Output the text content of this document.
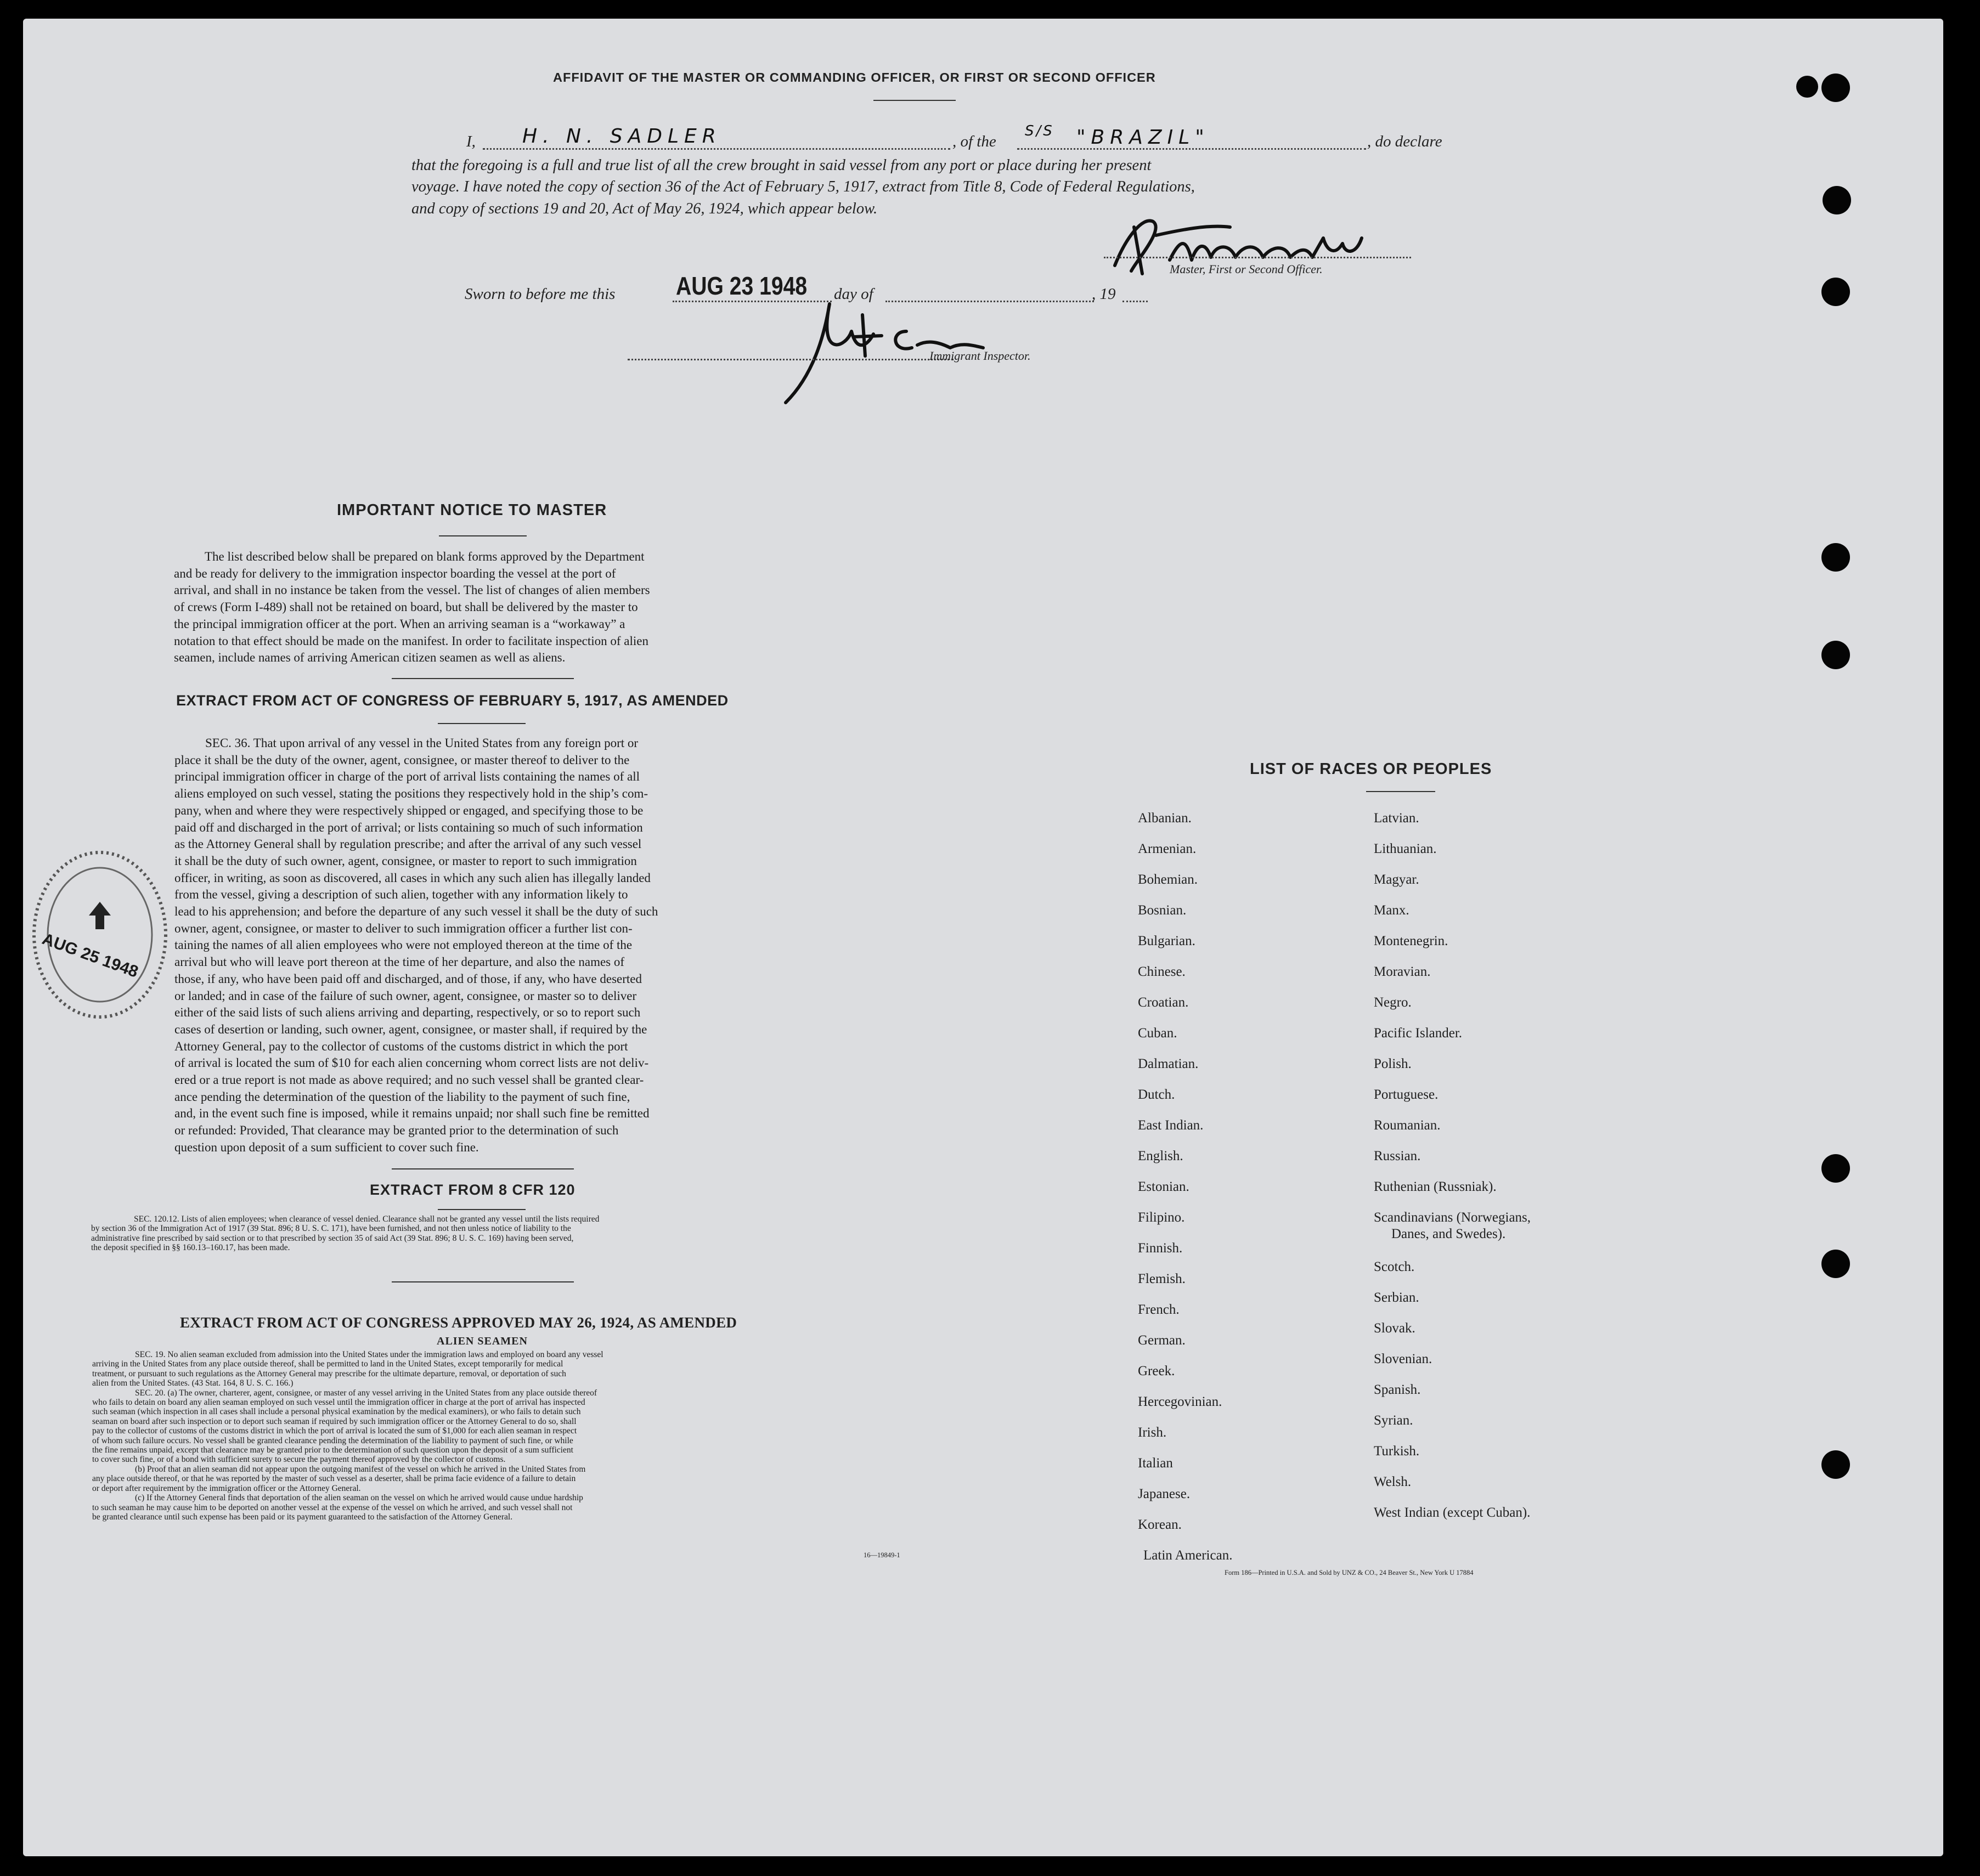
AFFIDAVIT OF THE MASTER OR COMMANDING OFFICER, OR FIRST OR SECOND OFFICER
I, H. N. SADLER	, of the
S/S "BRAZIL"	, do declare
that the foregoing is a full and true list of all the crew brought in said vessel from any port or place during her present
voyage. I have noted the copy of section 36 of the Act of February 5, 1917, extract from Title 8, Code of Federal Regulations,
and copy of sections 19 and 20, Act of May 26, 1924, which appear below.
Master, First or Second Officer.
Sworn to before me this AUG 23 1948 day of	, 19
Immigrant Inspector.
IMPORTANT NOTICE TO MASTER
The list described below shall be prepared on blank forms approved by the Department
and be ready for delivery to the immigration inspector boarding the vessel at the port of
arrival, and shall in no instance be taken from the vessel. The list of changes of alien members
of crews (Form I-489) shall not be retained on board, but shall be delivered by the master to
the principal immigration officer at the port. When an arriving seaman is a “workaway” a
notation to that effect should be made on the manifest. In order to facilitate inspection of alien
seamen, include names of arriving American citizen seamen as well as aliens.
EXTRACT FROM ACT OF CONGRESS OF FEBRUARY 5, 1917, AS AMENDED
SEC. 36. That upon arrival of any vessel in the United States from any foreign port or
place it shall be the duty of the owner, agent, consignee, or master thereof to deliver to the
principal immigration officer in charge of the port of arrival lists containing the names of all
aliens employed on such vessel, stating the positions they respectively hold in the ship’s com-
pany, when and where they were respectively shipped or engaged, and specifying those to be
paid off and discharged in the port of arrival; or lists containing so much of such information
as the Attorney General shall by regulation prescribe; and after the arrival of any such vessel
it shall be the duty of such owner, agent, consignee, or master to report to such immigration
officer, in writing, as soon as discovered, all cases in which any such alien has illegally landed
from the vessel, giving a description of such alien, together with any information likely to
lead to his apprehension; and before the departure of any such vessel it shall be the duty of such
owner, agent, consignee, or master to deliver to such immigration officer a further list con-
taining the names of all alien employees who were not employed thereon at the time of the
arrival but who will leave port thereon at the time of her departure, and also the names of
those, if any, who have been paid off and discharged, and of those, if any, who have deserted
or landed; and in case of the failure of such owner, agent, consignee, or master so to deliver
either of the said lists of such aliens arriving and departing, respectively, or so to report such
cases of desertion or landing, such owner, agent, consignee, or master shall, if required by the
Attorney General, pay to the collector of customs of the customs district in which the port
of arrival is located the sum of $10 for each alien concerning whom correct lists are not deliv-
ered or a true report is not made as above required; and no such vessel shall be granted clear-
ance pending the determination of the question of the liability to the payment of such fine,
and, in the event such fine is imposed, while it remains unpaid; nor shall such fine be remitted
or refunded: Provided, That clearance may be granted prior to the determination of such
question upon deposit of a sum sufficient to cover such fine.
EXTRACT FROM 8 CFR 120
SEC. 120.12. Lists of alien employees; when clearance of vessel denied. Clearance shall not be granted any vessel until the lists required
by section 36 of the Immigration Act of 1917 (39 Stat. 896; 8 U. S. C. 171), have been furnished, and not then unless notice of liability to the
administrative fine prescribed by said section or to that prescribed by section 35 of said Act (39 Stat. 896; 8 U. S. C. 169) having been served,
the deposit specified in §§ 160.13–160.17, has been made.
EXTRACT FROM ACT OF CONGRESS APPROVED MAY 26, 1924, AS AMENDED
ALIEN SEAMEN
SEC. 19. No alien seaman excluded from admission into the United States under the immigration laws and employed on board any vessel
arriving in the United States from any place outside thereof, shall be permitted to land in the United States, except temporarily for medical
treatment, or pursuant to such regulations as the Attorney General may prescribe for the ultimate departure, removal, or deportation of such
alien from the United States. (43 Stat. 164, 8 U. S. C. 166.)
SEC. 20. (a) The owner, charterer, agent, consignee, or master of any vessel arriving in the United States from any place outside thereof
who fails to detain on board any alien seaman employed on such vessel until the immigration officer in charge at the port of arrival has inspected
such seaman (which inspection in all cases shall include a personal physical examination by the medical examiners), or who fails to detain such
seaman on board after such inspection or to deport such seaman if required by such immigration officer or the Attorney General to do so, shall
pay to the collector of customs of the customs district in which the port of arrival is located the sum of $1,000 for each alien seaman in respect
of whom such failure occurs. No vessel shall be granted clearance pending the determination of the liability to payment of such fine, or while
the fine remains unpaid, except that clearance may be granted prior to the determination of such question upon the deposit of a sum sufficient
to cover such fine, or of a bond with sufficient surety to secure the payment thereof approved by the collector of customs.
(b) Proof that an alien seaman did not appear upon the outgoing manifest of the vessel on which he arrived in the United States from
any place outside thereof, or that he was reported by the master of such vessel as a deserter, shall be prima facie evidence of a failure to detain
or deport after requirement by the immigration officer or the Attorney General.
(c) If the Attorney General finds that deportation of the alien seaman on the vessel on which he arrived would cause undue hardship
to such seaman he may cause him to be deported on another vessel at the expense of the vessel on which he arrived, and such vessel shall not
be granted clearance until such expense has been paid or its payment guaranteed to the satisfaction of the Attorney General.
16—19849-1
AUG 25 1948
LIST OF RACES OR PEOPLES
Albanian.
Armenian.
Bohemian.
Bosnian.
Bulgarian.
Chinese.
Croatian.
Cuban.
Dalmatian.
Dutch.
East Indian.
English.
Estonian.
Filipino.
Finnish.
Flemish.
French.
German.
Greek.
Hercegovinian.
Irish.
Italian
Japanese.
Korean.
Latin American.
Latvian.
Lithuanian.
Magyar.
Manx.
Montenegrin.
Moravian.
Negro.
Pacific Islander.
Polish.
Portuguese.
Roumanian.
Russian.
Ruthenian (Russniak).
Scandinavians (Norwegians,
Danes, and Swedes).
Scotch.
Serbian.
Slovak.
Slovenian.
Spanish.
Syrian.
Turkish.
Welsh.
West Indian (except Cuban).
Form 186—Printed in U.S.A. and Sold by UNZ & CO., 24 Beaver St., New York U 17884
